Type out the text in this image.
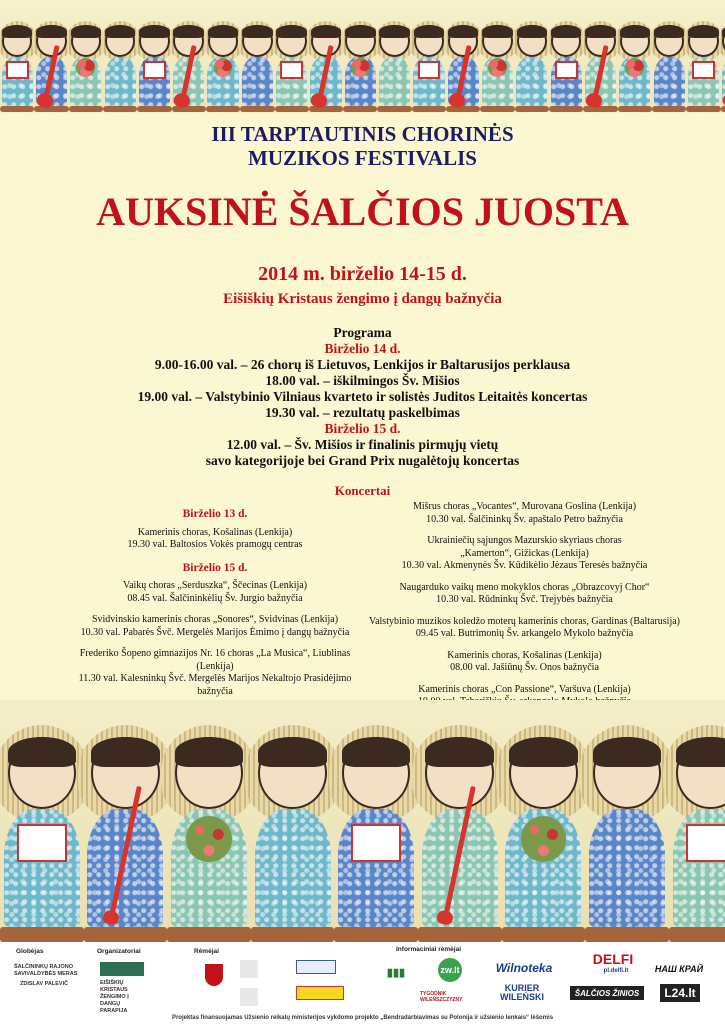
III TARPTAUTINIS CHORINĖS
MUZIKOS FESTIVALIS
AUKSINĖ ŠALČIOS JUOSTA
2014 m. birželio 14-15 d.
Eišiškių Kristaus žengimo į dangų bažnyčia
Programa
Birželio 14 d.
9.00-16.00 val. – 26 chorų iš Lietuvos, Lenkijos ir Baltarusijos perklausa
18.00 val. – iškilmingos Šv. Mišios
19.00 val. – Valstybinio Vilniaus kvarteto ir solistės Juditos Leitaitės koncertas
19.30 val. – rezultatų paskelbimas
Birželio 15 d.
12.00 val. – Šv. Mišios ir finalinis pirmųjų vietų
savo kategorijoje bei Grand Prix nugalėtojų koncertas
Koncertai
Birželio 13 d.
Kamerinis choras, Košalinas (Lenkija)
19.30 val. Baltosios Vokės pramogų centras
Birželio 15 d.
Vaikų choras „Serduszka“, Ščecinas (Lenkija)
08.45 val. Šalčininkėlių Šv. Jurgio bažnyčia
Svidvinskio kamerinis choras „Sonores“, Svidvinas (Lenkija)
10.30 val. Pabarės Švč. Mergelės Marijos Ėmimo į dangų bažnyčia
Frederiko Šopeno gimnazijos Nr. 16 choras „La Musica“, Liublinas (Lenkija)
11.30 val. Kalesninkų Švč. Mergelės Marijos Nekaltojo Prasidėjimo bažnyčia
Mišrus choras „Vocantes“, Murovana Goslina (Lenkija)
10.30 val. Šalčininkų Šv. apaštalo Petro bažnyčia
Ukrainiečių sąjungos Mazurskio skyriaus choras
„Kamerton“, Gižickas (Lenkija)
10.30 val. Akmenynės Šv. Kūdikėlio Jėzaus Teresės bažnyčia
Naugarduko vaikų meno mokyklos choras „Obrazcovyj Chor“
10.30 val. Rūdninkų Švč. Trejybės bažnyčia
Valstybinio muzikos koledžo moterų kamerinis choras, Gardinas (Baltarusija)
09.45 val. Butrimonių Šv. arkangelo Mykolo bažnyčia
Kamerinis choras, Košalinas (Lenkija)
08.00 val. Jašiūnų Šv. Onos bažnyčia
Kamerinis choras „Con Passione“, Varšuva (Lenkija)
Globėjas
ŠALČININKŲ RAJONO SAVIVALDYBĖS MERAS
ZDISLAV PALEVIČ
Organizatoriai
EIŠIŠKIŲ KRISTAUS ŽENGIMO Į DANGŲ PARAPIJA
Rėmėjai	Informaciniai rėmėjai
▮▮▮	zw.lt
TYGODNIK WILEŃSZCZYZNY
Wilnoteka
KURIER WILEŃSKI
DELFI
pl.delfi.lt	НАШ КРАЙ
ŠALČIOS ŽINIOS	L24.lt
Projektas finansuojamas Užsienio reikalų ministerijos vykdomo projekto „Bendradarbiavimas su Polonija ir užsienio lenkais“ lėšomis
